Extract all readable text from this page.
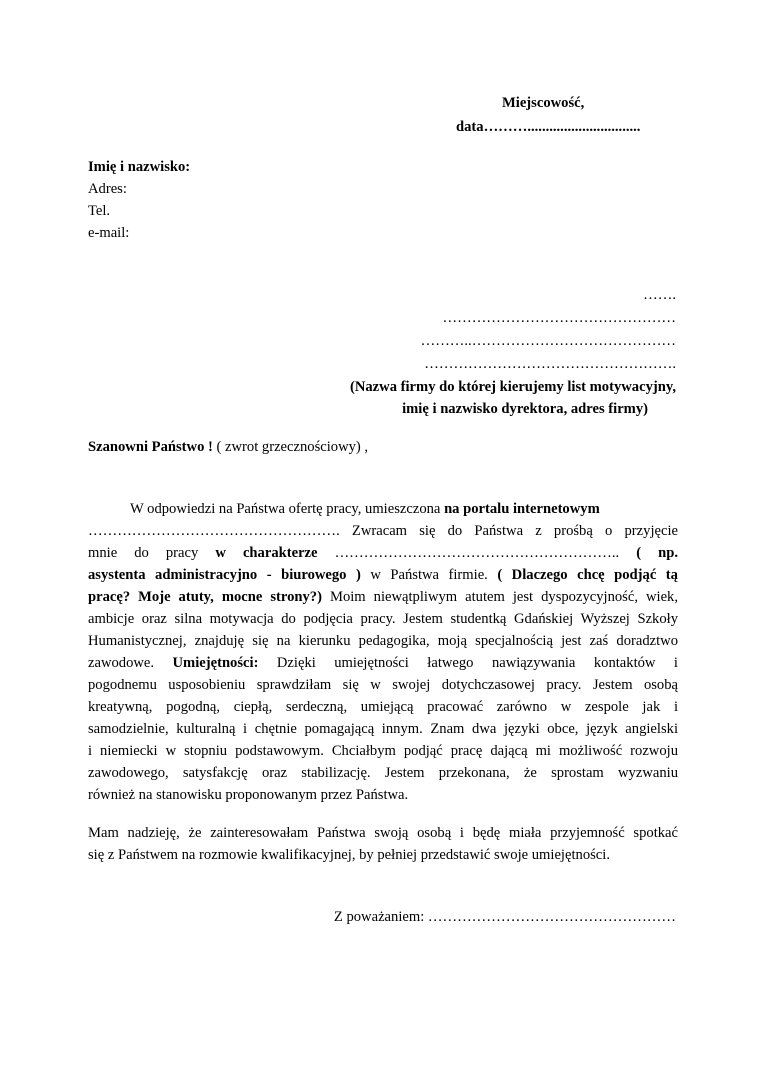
Miejscowość,
data………...............................
Imię i nazwisko:
Adres:
Tel.
e-mail:
…….
…………………………………………
………..……………………………………
…………………………………………….
(Nazwa firmy do której kierujemy list motywacyjny,
imię i nazwisko dyrektora, adres firmy)
Szanowni Państwo ! ( zwrot grzecznościowy) ,
W odpowiedzi na Państwa ofertę pracy, umieszczona na portalu internetowym
……………………………………………. Zwracam się do Państwa z prośbą o przyjęcie
mnie do pracy w charakterze ………………………………………………….. ( np.
asystenta administracyjno - biurowego ) w Państwa firmie. ( Dlaczego chcę podjąć tą
pracę? Moje atuty, mocne strony?) Moim niewątpliwym atutem jest dyspozycyjność, wiek,
ambicje oraz silna motywacja do podjęcia pracy. Jestem studentką Gdańskiej Wyższej Szkoły
Humanistycznej, znajduję się na kierunku pedagogika, moją specjalnością jest zaś doradztwo
zawodowe. Umiejętności: Dzięki umiejętności łatwego nawiązywania kontaktów i
pogodnemu usposobieniu sprawdziłam się w swojej dotychczasowej pracy. Jestem osobą
kreatywną, pogodną, ciepłą, serdeczną, umiejącą pracować zarówno w zespole jak i
samodzielnie, kulturalną i chętnie pomagającą innym. Znam dwa języki obce, język angielski
i niemiecki w stopniu podstawowym. Chciałbym podjąć pracę dającą mi możliwość rozwoju
zawodowego, satysfakcję oraz stabilizację. Jestem przekonana, że sprostam wyzwaniu
również na stanowisku proponowanym przez Państwa.
Mam nadzieję, że zainteresowałam Państwa swoją osobą i będę miała przyjemność spotkać
się z Państwem na rozmowie kwalifikacyjnej, by pełniej przedstawić swoje umiejętności.
Z poważaniem: ……………………………………………
